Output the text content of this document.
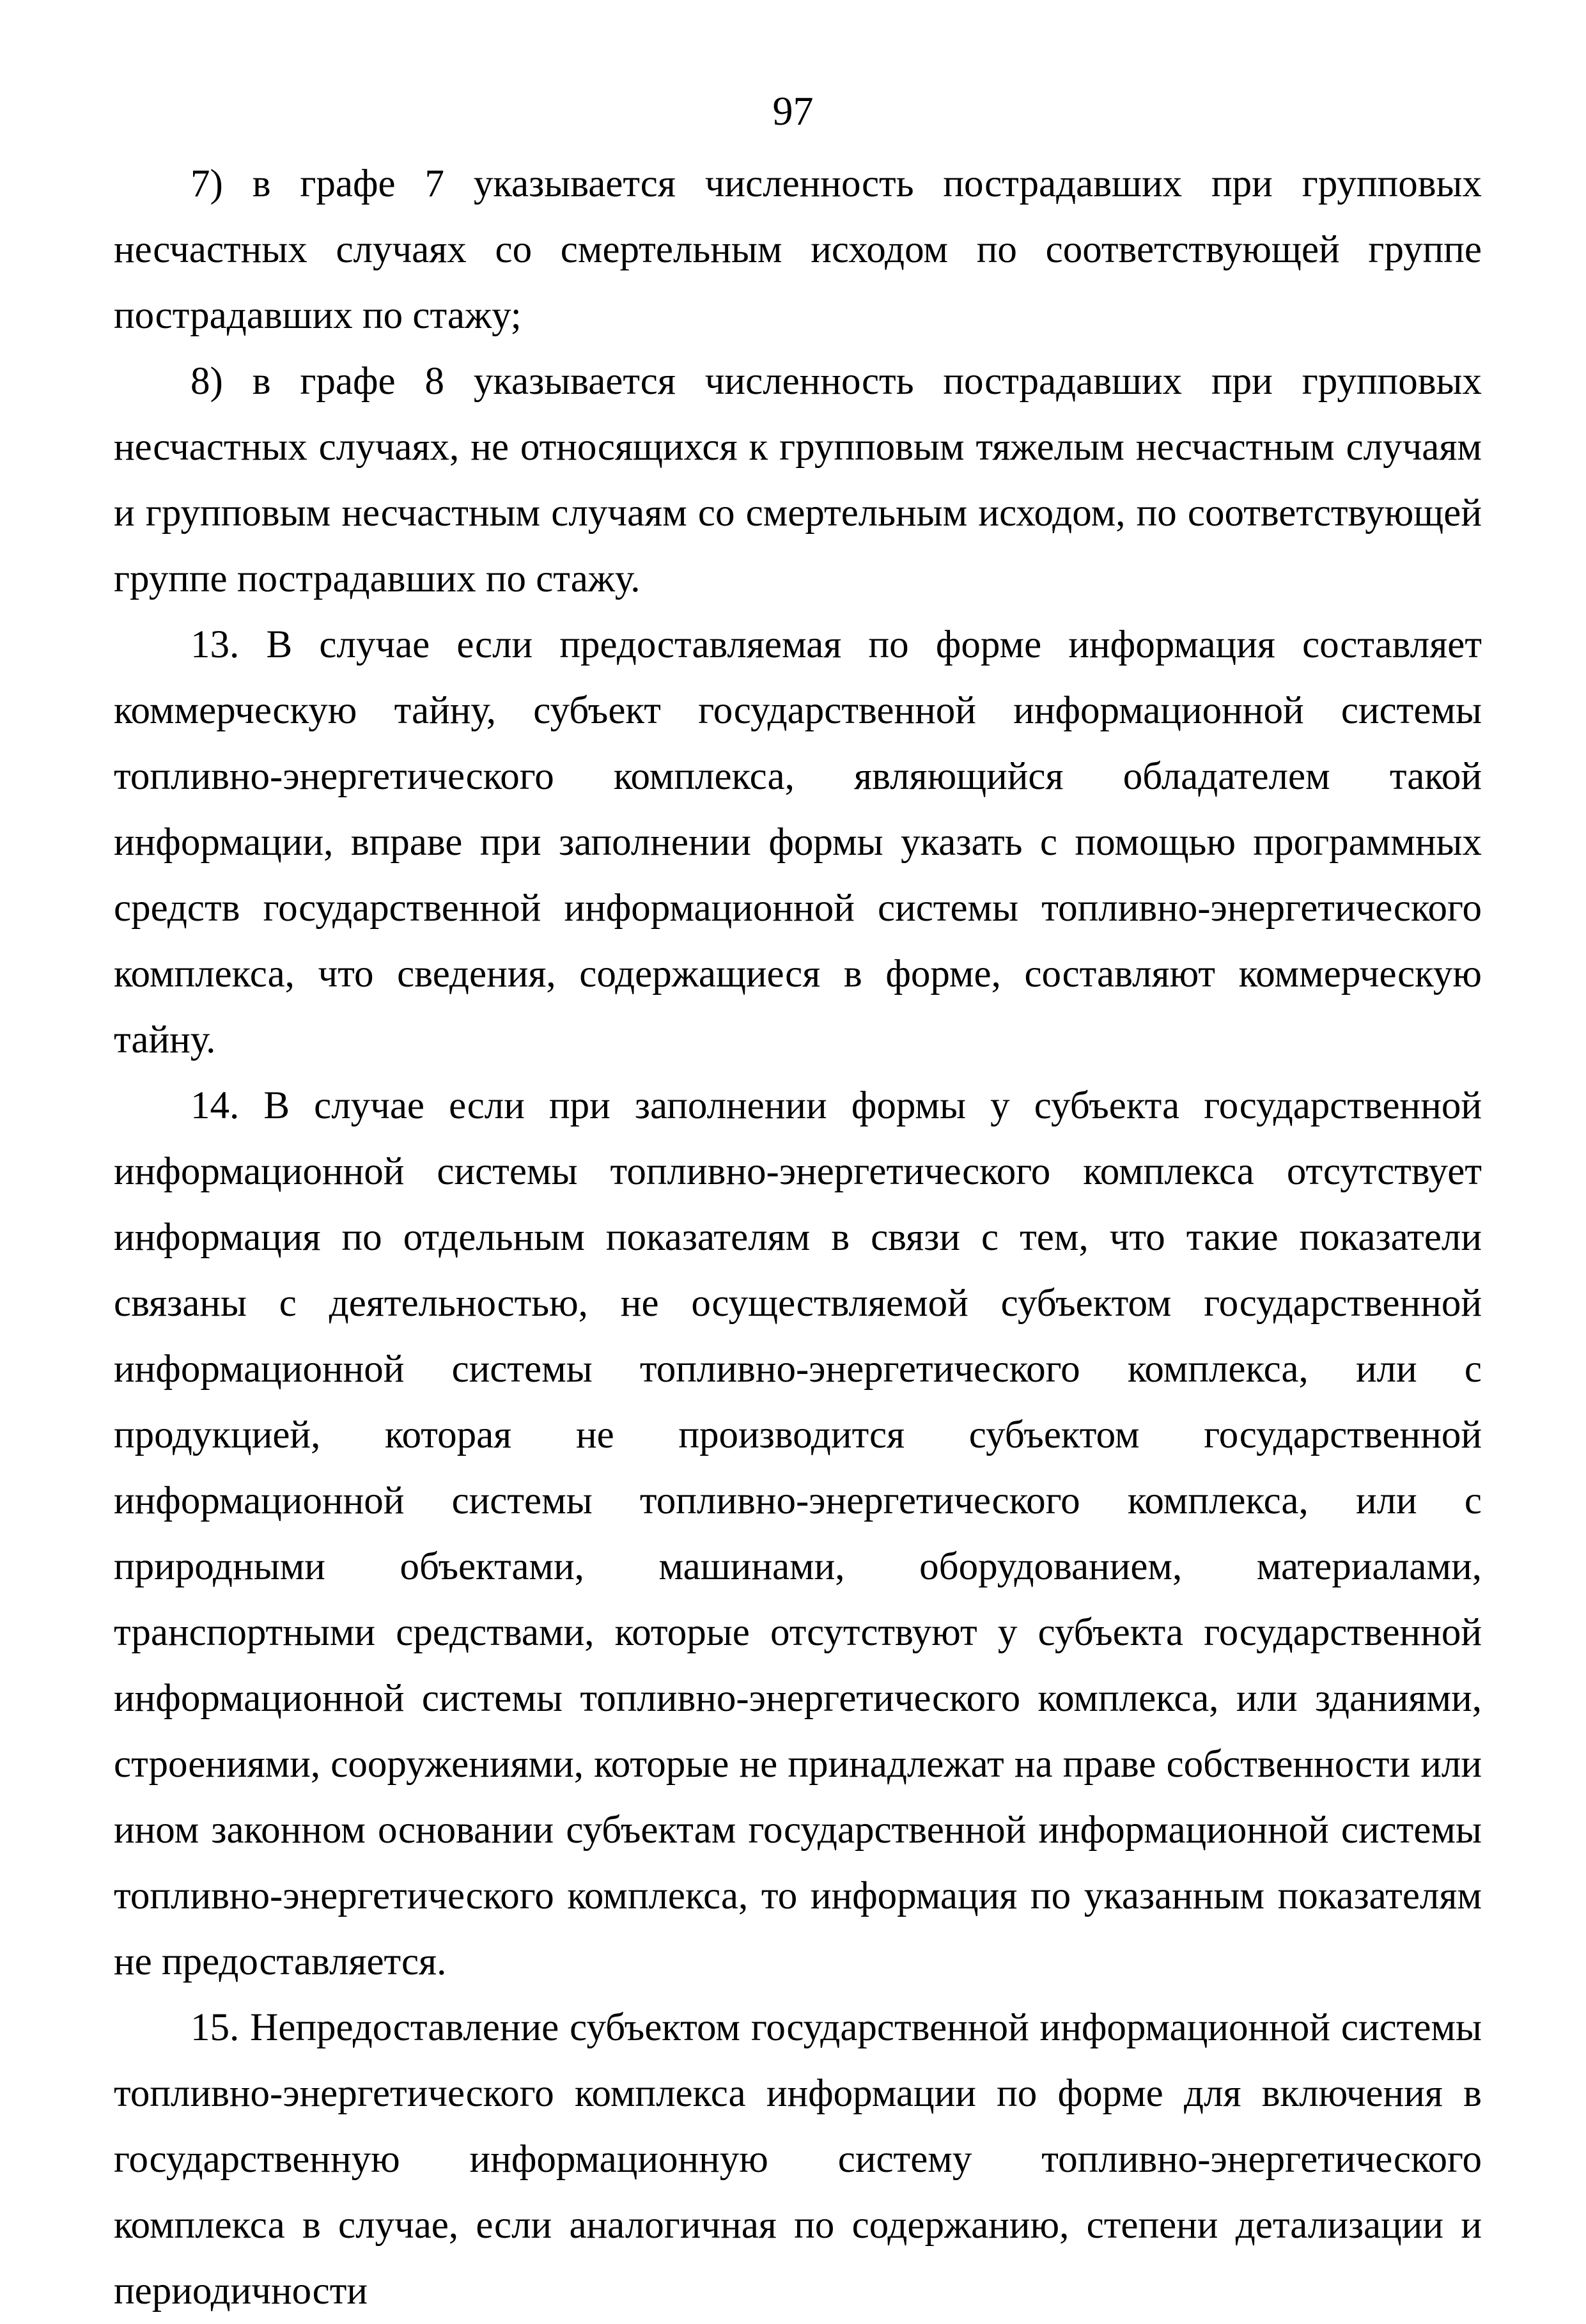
97

7) в графе 7 указывается численность пострадавших при групповых несчастных случаях со смертельным исходом по соответствующей группе пострадавших по стажу;

8) в графе 8 указывается численность пострадавших при групповых несчастных случаях, не относящихся к групповым тяжелым несчастным случаям и групповым несчастным случаям со смертельным исходом, по соответствующей группе пострадавших по стажу.

13. В случае если предоставляемая по форме информация составляет коммерческую тайну, субъект государственной информационной системы топливно-энергетического комплекса, являющийся обладателем такой информации, вправе при заполнении формы указать с помощью программных средств государственной информационной системы топливно-энергетического комплекса, что сведения, содержащиеся в форме, составляют коммерческую тайну.

14. В случае если при заполнении формы у субъекта государственной информационной системы топливно-энергетического комплекса отсутствует информация по отдельным показателям в связи с тем, что такие показатели связаны с деятельностью, не осуществляемой субъектом государственной информационной системы топливно-энергетического комплекса, или с продукцией, которая не производится субъектом государственной информационной системы топливно-энергетического комплекса, или с природными объектами, машинами, оборудованием, материалами, транспортными средствами, которые отсутствуют у субъекта государственной информационной системы топливно-энергетического комплекса, или зданиями, строениями, сооружениями, которые не принадлежат на праве собственности или ином законном основании субъектам государственной информационной системы топливно-энергетического комплекса, то информация по указанным показателям не предоставляется.

15. Непредоставление субъектом государственной информационной системы топливно-энергетического комплекса информации по форме для включения в государственную информационную систему топливно-энергетического комплекса в случае, если аналогичная по содержанию, степени детализации и периодичности
